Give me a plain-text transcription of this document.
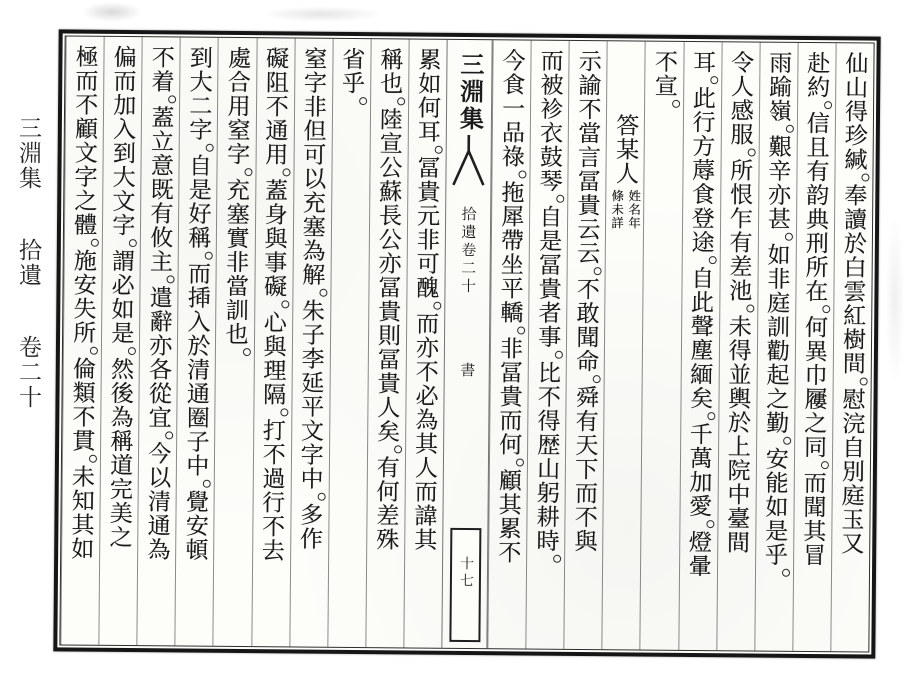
三淵集 拾遺 卷二十
仙山得珍緘奉讀於白雲紅樹間慰浣自別庭玉又
赴約信且有韵典刑所在何異巾屨之同而聞其冒
雨踰嶺艱辛亦甚如非庭訓勸起之勤安能如是乎
令人感服所恨乍有差池未得並輿於上院中臺間
耳此行方蓐食登途自此聲塵緬矣千萬加愛燈暈
不宣
答某人姓名年條未詳
示諭不當言冨貴云云不敢聞命舜有天下而不與
而被袗衣鼓琴自是冨貴者事比不得歴山躬耕時
今食一品祿拖犀帶坐平轎非冨貴而何顧其累不
三淵集
拾遺卷二十
書
十七
累如何耳冨貴元非可醜而亦不必為其人而諱其
稱也陸宣公蘇長公亦冨貴則冨貴人矣有何差殊
省乎
窒字非但可以充塞為解朱子李延平文字中多作
礙阻不通用蓋身與事礙心與理隔打不過行不去
處合用窒字充塞實非當訓也
到大二字自是好稱而揷入於清通圈子中覺安頓
不着蓋立意既有攸主遣辭亦各從宜今以清通為
偏而加入到大文字謂必如是然後為稱道完美之
極而不顧文字之體施安失所倫類不貫未知其如
